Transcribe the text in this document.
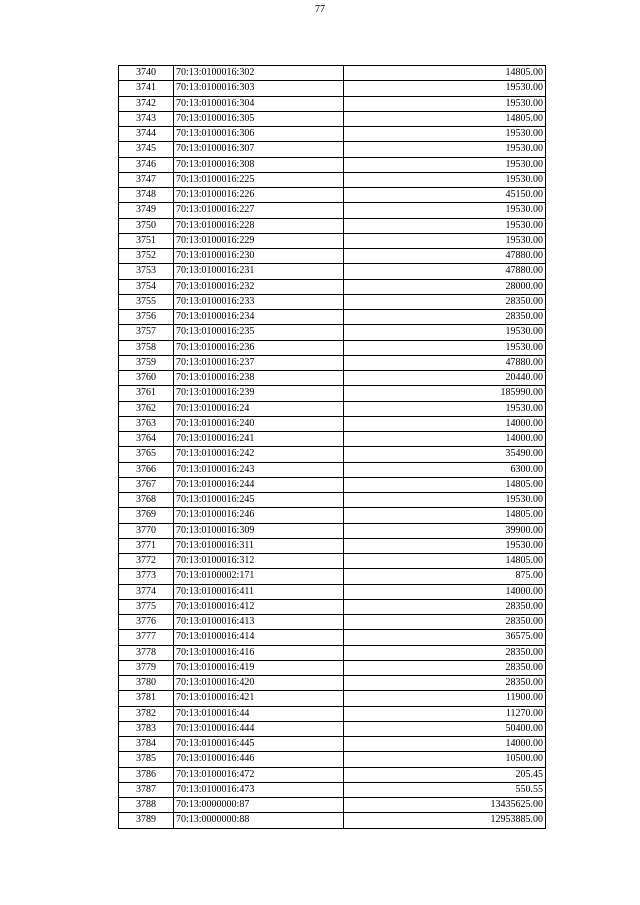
77
3740	70:13:0100016:302	14805.00
3741	70:13:0100016:303	19530.00
3742	70:13:0100016:304	19530.00
3743	70:13:0100016:305	14805.00
3744	70:13:0100016:306	19530.00
3745	70:13:0100016:307	19530.00
3746	70:13:0100016:308	19530.00
3747	70:13:0100016:225	19530.00
3748	70:13:0100016:226	45150.00
3749	70:13:0100016:227	19530.00
3750	70:13:0100016:228	19530.00
3751	70:13:0100016:229	19530.00
3752	70:13:0100016:230	47880.00
3753	70:13:0100016:231	47880.00
3754	70:13:0100016:232	28000.00
3755	70:13:0100016:233	28350.00
3756	70:13:0100016:234	28350.00
3757	70:13:0100016:235	19530.00
3758	70:13:0100016:236	19530.00
3759	70:13:0100016:237	47880.00
3760	70:13:0100016:238	20440.00
3761	70:13:0100016:239	185990.00
3762	70:13:0100016:24	19530.00
3763	70:13:0100016:240	14000.00
3764	70:13:0100016:241	14000.00
3765	70:13:0100016:242	35490.00
3766	70:13:0100016:243	6300.00
3767	70:13:0100016:244	14805.00
3768	70:13:0100016:245	19530.00
3769	70:13:0100016:246	14805.00
3770	70:13:0100016:309	39900.00
3771	70:13:0100016:311	19530.00
3772	70:13:0100016:312	14805.00
3773	70:13:0100002:171	875.00
3774	70:13:0100016:411	14000.00
3775	70:13:0100016:412	28350.00
3776	70:13:0100016:413	28350.00
3777	70:13:0100016:414	36575.00
3778	70:13:0100016:416	28350.00
3779	70:13:0100016:419	28350.00
3780	70:13:0100016:420	28350.00
3781	70:13:0100016:421	11900.00
3782	70:13:0100016:44	11270.00
3783	70:13:0100016:444	50400.00
3784	70:13:0100016:445	14000.00
3785	70:13:0100016:446	10500.00
3786	70:13:0100016:472	205.45
3787	70:13:0100016:473	550.55
3788	70:13:0000000:87	13435625.00
3789	70:13:0000000:88	12953885.00
